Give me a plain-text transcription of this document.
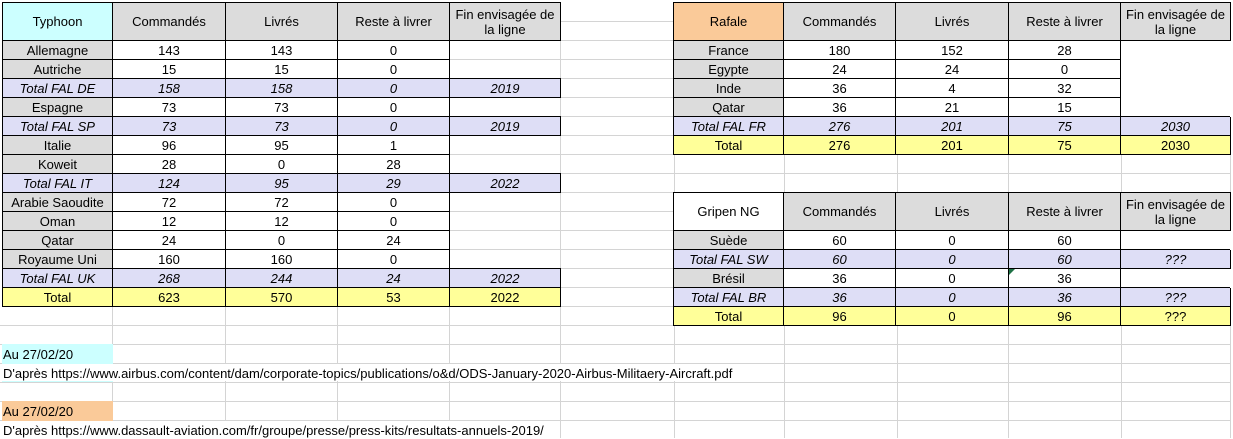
Typhoon	Commandés	Livrés	Reste à livrer	Fin envisagée de la ligne
Allemagne	143	143	0	
Autriche	15	15	0	
Total FAL DE	158	158	0	2019
Espagne	73	73	0	
Total FAL SP	73	73	0	2019
Italie	96	95	1	
Koweit	28	0	28	
Total FAL IT	124	95	29	2022
Arabie Saoudite	72	72	0	
Oman	12	12	0	
Qatar	24	0	24	
Royaume Uni	160	160	0	
Total FAL UK	268	244	24	2022
Total	623	570	53	2022
Rafale	Commandés	Livrés	Reste à livrer	Fin envisagée de la ligne
France	180	152	28	
Egypte	24	24	0	
Inde	36	4	32	
Qatar	36	21	15	
Total FAL FR	276	201	75	2030
Total	276	201	75	2030
Gripen NG	Commandés	Livrés	Reste à livrer	Fin envisagée de la ligne
Suède	60	0	60	
Total FAL SW	60	0	60	???
Brésil	36	0	36	
Total FAL BR	36	0	36	???
Total	96	0	96	???
Au 27/02/20
D'après https://www.airbus.com/content/dam/corporate-topics/publications/o&d/ODS-January-2020-Airbus-Militaery-Aircraft.pdf
Au 27/02/20
D'après https://www.dassault-aviation.com/fr/groupe/presse/press-kits/resultats-annuels-2019/
